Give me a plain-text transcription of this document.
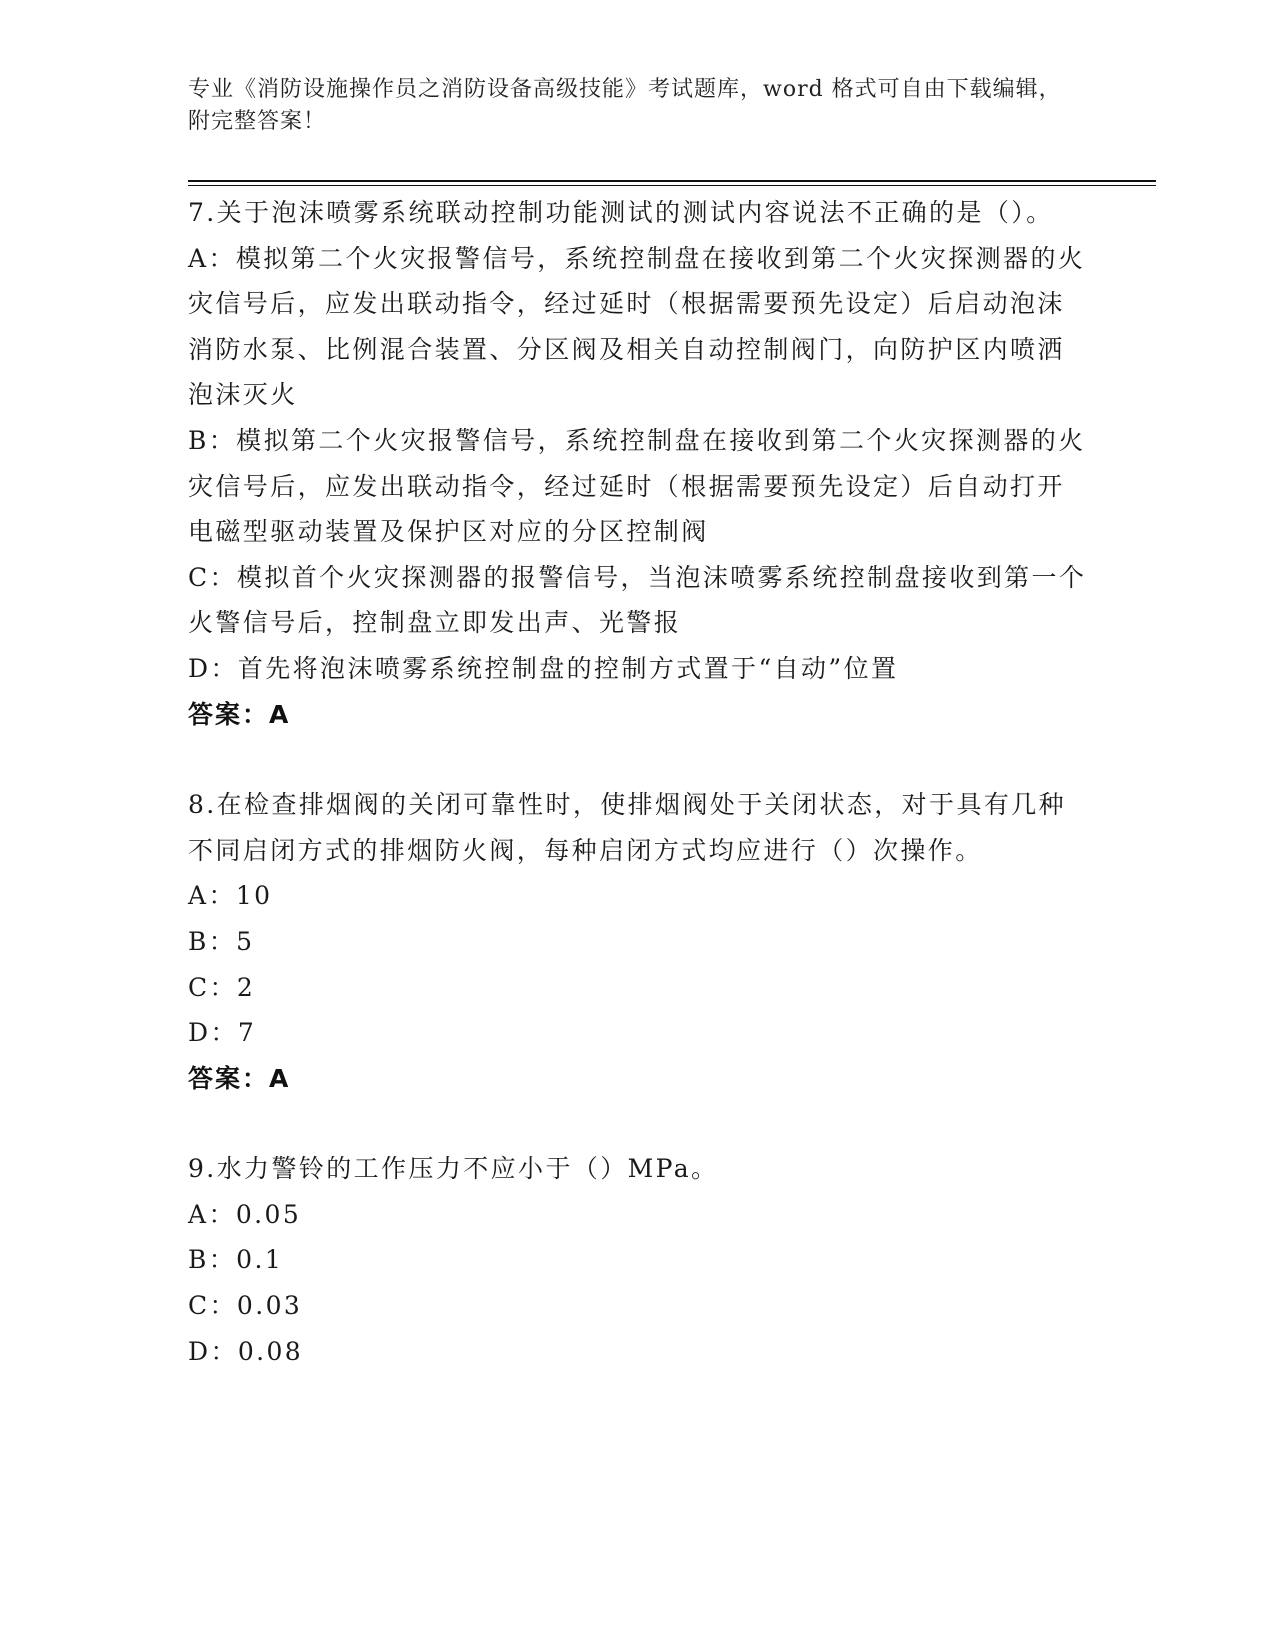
专业《消防设施操作员之消防设备高级技能》考试题库，word 格式可自由下载编辑，附完整答案！

7.关于泡沫喷雾系统联动控制功能测试的测试内容说法不正确的是（）。

A：模拟第二个火灾报警信号，系统控制盘在接收到第二个火灾探测器的火灾信号后，应发出联动指令，经过延时（根据需要预先设定）后启动泡沫消防水泵、比例混合装置、分区阀及相关自动控制阀门，向防护区内喷洒泡沫灭火

B：模拟第二个火灾报警信号，系统控制盘在接收到第二个火灾探测器的火灾信号后，应发出联动指令，经过延时（根据需要预先设定）后自动打开电磁型驱动装置及保护区对应的分区控制阀

C：模拟首个火灾探测器的报警信号，当泡沫喷雾系统控制盘接收到第一个火警信号后，控制盘立即发出声、光警报

D：首先将泡沫喷雾系统控制盘的控制方式置于“自动”位置

答案：A

8.在检查排烟阀的关闭可靠性时，使排烟阀处于关闭状态，对于具有几种不同启闭方式的排烟防火阀，每种启闭方式均应进行（）次操作。

A：10

B：5

C：2

D：7

答案：A

9.水力警铃的工作压力不应小于（）MPa。

A：0.05

B：0.1

C：0.03

D：0.08
